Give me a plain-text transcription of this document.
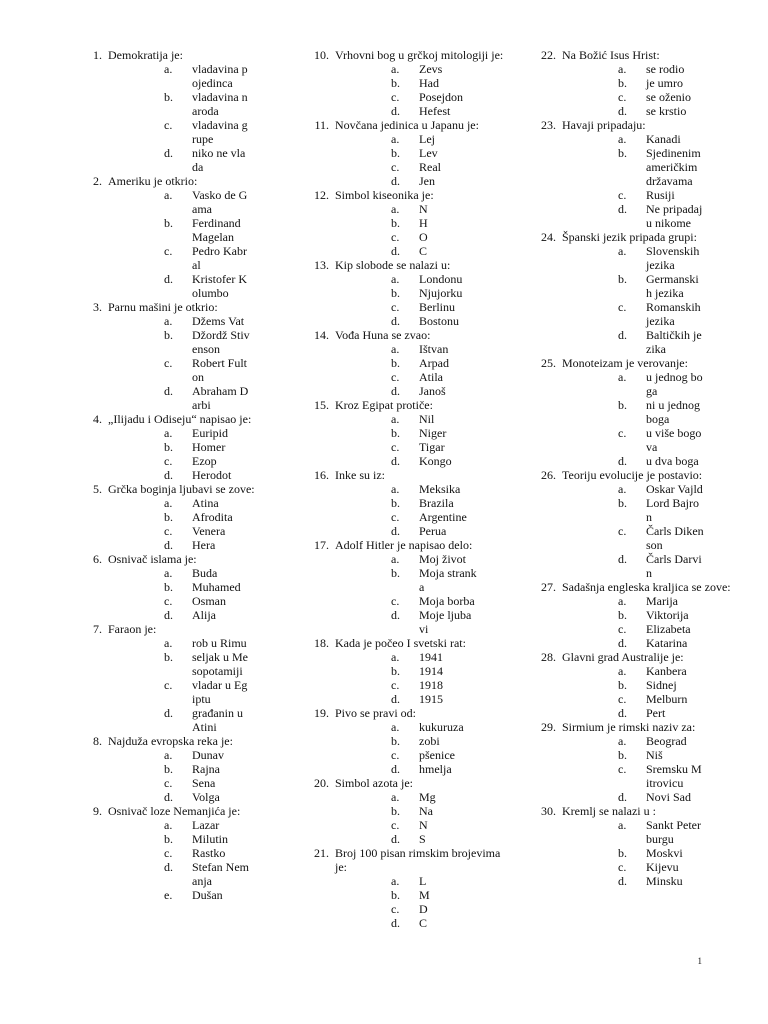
1. Demokratija je:
a. vladavina pojedinca
b. vladavina naroda
c. vladavina grupe
d. niko ne vlada
2. Ameriku je otkrio:
a. Vasko de Gama
b. Ferdinand Magelan
c. Pedro Kabral
d. Kristofer Kolumbo
3. Parnu mašini je otkrio:
a. Džems Vat
b. Džordž Stivenson
c. Robert Fulton
d. Abraham Darbi
4. „Ilijadu i Odiseju“ napisao je:
a. Euripid
b. Homer
c. Ezop
d. Herodot
5. Grčka boginja ljubavi se zove:
a. Atina
b. Afrodita
c. Venera
d. Hera
6. Osnivač islama je:
a. Buda
b. Muhamed
c. Osman
d. Alija
7. Faraon je:
a. rob u Rimu
b. seljak u Mesopotamiji
c. vladar u Egiptu
d. građanin u Atini
8. Najduža evropska reka je:
a. Dunav
b. Rajna
c. Sena
d. Volga
9. Osnivač loze Nemanjića je:
a. Lazar
b. Milutin
c. Rastko
d. Stefan Nemanja
e. Dušan
10. Vrhovni bog u grčkoj mitologiji je:
a. Zevs
b. Had
c. Posejdon
d. Hefest
11. Novčana jedinica u Japanu je:
a. Lej
b. Lev
c. Real
d. Jen
12. Simbol kiseonika je:
a. N
b. H
c. O
d. C
13. Kip slobode se nalazi u:
a. Londonu
b. Njujorku
c. Berlinu
d. Bostonu
14. Vođa Huna se zvao:
a. Ištvan
b. Arpad
c. Atila
d. Janoš
15. Kroz Egipat protiče:
a. Nil
b. Niger
c. Tigar
d. Kongo
16. Inke su iz:
a. Meksika
b. Brazila
c. Argentine
d. Perua
17. Adolf Hitler je napisao delo:
a. Moj život
b. Moja stranka
c. Moja borba
d. Moje ljubavi
18. Kada je počeo I svetski rat:
a. 1941
b. 1914
c. 1918
d. 1915
19. Pivo se pravi od:
a. kukuruza
b. zobi
c. pšenice
d. hmelja
20. Simbol azota je:
a. Mg
b. Na
c. N
d. S
21. Broj 100 pisan rimskim brojevima je:
a. L
b. M
c. D
d. C
22. Na Božić Isus Hrist:
a. se rodio
b. je umro
c. se oženio
d. se krstio
23. Havaji pripadaju:
a. Kanadi
b. Sjedinenim američkim državama
c. Rusiji
d. Ne pripadaju nikome
24. Španski jezik pripada grupi:
a. Slovenskih jezika
b. Germanskih jezika
c. Romanskih jezika
d. Baltičkih jezika
25. Monoteizam je verovanje:
a. u jednog boga
b. ni u jednog boga
c. u više bogova
d. u dva boga
26. Teoriju evolucije je postavio:
a. Oskar Vajld
b. Lord Bajron
c. Čarls Dikenson
d. Čarls Darvin
27. Sadašnja engleska kraljica se zove:
a. Marija
b. Viktorija
c. Elizabeta
d. Katarina
28. Glavni grad Australije je:
a. Kanbera
b. Sidnej
c. Melburn
d. Pert
29. Sirmium je rimski naziv za:
a. Beograd
b. Niš
c. Sremsku Mitrovicu
d. Novi Sad
30. Kremlj se nalazi u :
a. Sankt Peterburgu
b. Moskvi
c. Kijevu
d. Minsku
1
